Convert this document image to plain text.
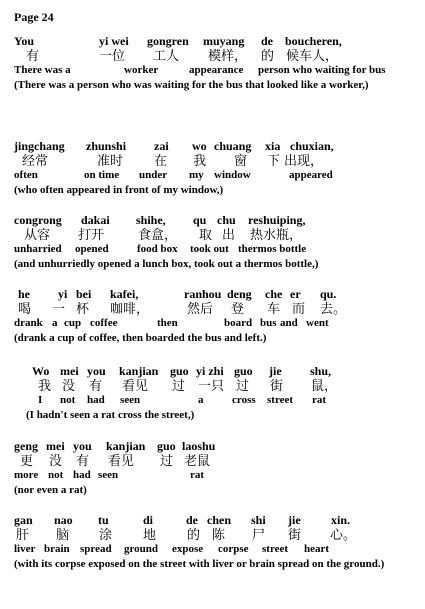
Page 24
You	yi wei gongren muyang de boucheren,
有	一位 工人 模样， 的 候车人，
There was a	worker	appearance person who waiting for bus
(There was a person who was waiting for the bus that looked like a worker,)
jingchang zhunshi zai wo chuang xia chuxian,
经常	准时 在 我 窗 下 出现，
often	on time under my window	appeared
(who often appeared in front of my window,)
congrong dakai shihe, qu chu reshuiping,
从容 打开	食盒， 取 出 热水瓶，
unharried opened	food box took out thermos bottle
(and unhurriedly opened a lunch box, took out a thermos bottle,)
he yi bei kafei,	ranhou deng che er qu.
喝 一 杯 咖啡，	然后 登 车 而 去。
drank a cup coffee	then	board bus and went
(drank a cup of coffee, then boarded the bus and left.)
Wo mei you kanjian guo yi zhi guo jie shu,
我 没 有 看见 过 一只 过 街 鼠，
I not had seen	a	cross street rat
(I hadn't seen a rat cross the street,)
geng mei you kanjian guo laoshu
更 没 有 看见 过 老鼠
more not had seen	rat
(nor even a rat)
gan nao tu	di	de chen shi jie	xin.
肝 脑 涂 地 的 陈 尸 街 心。
liver brain spread ground expose corpse street heart
(with its corpse exposed on the street with liver or brain spread on the ground.)
